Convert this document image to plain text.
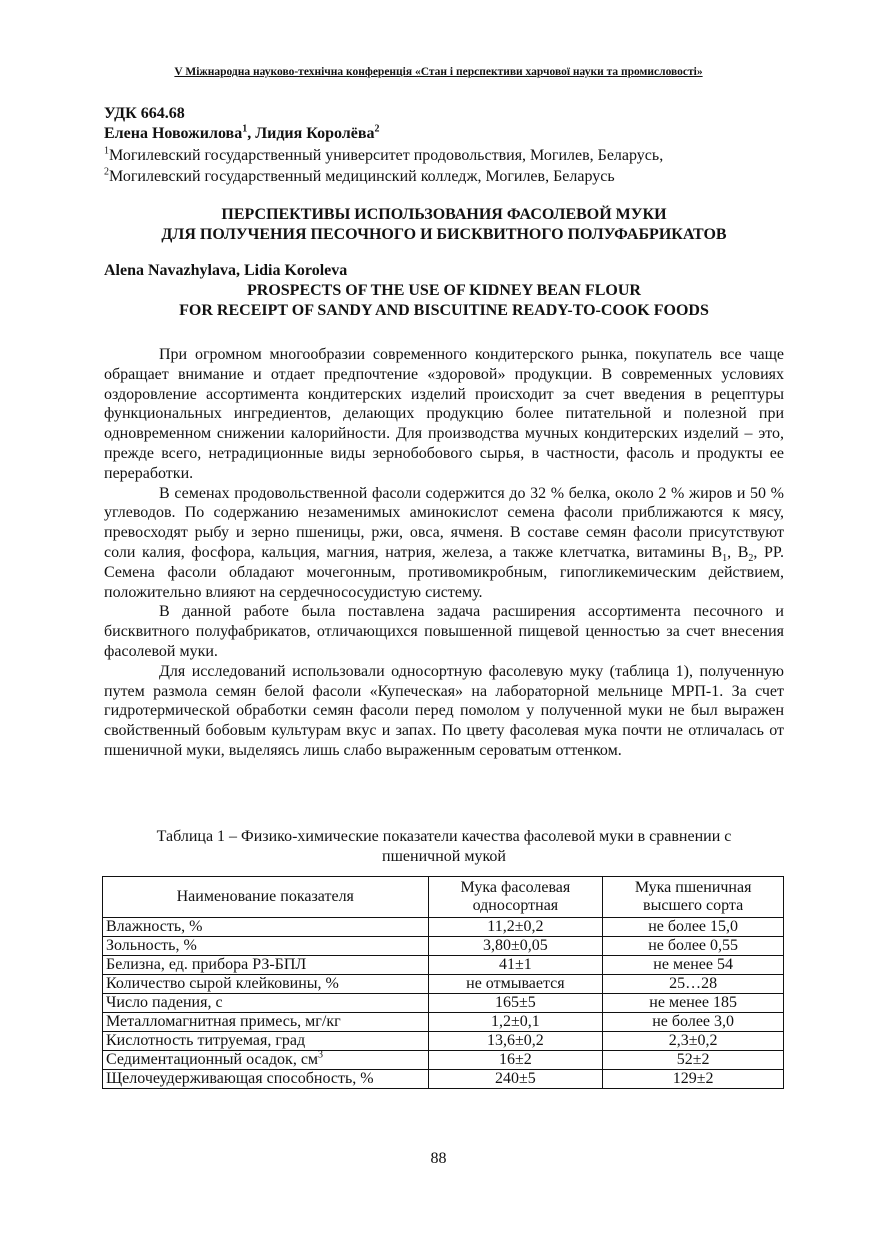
V Міжнародна науково-технічна конференція «Стан і перспективи харчової науки та промисловості»
УДК 664.68
Елена Новожилова$^1$, Лидия Королёва$^2$
$^1$Могилевский государственный университет продовольствия, Могилев, Беларусь,
$^2$Могилевский государственный медицинский колледж, Могилев, Беларусь
ПЕРСПЕКТИВЫ ИСПОЛЬЗОВАНИЯ ФАСОЛЕВОЙ МУКИ
ДЛЯ ПОЛУЧЕНИЯ ПЕСОЧНОГО И БИСКВИТНОГО ПОЛУФАБРИКАТОВ
Alena Navazhylava, Lidia Koroleva
PROSPECTS OF THE USE OF KIDNEY BEAN FLOUR
FOR RECEIPT OF SANDY AND BISCUITINE READY-TO-COOK FOODS

При огромном многообразии современного кондитерского рынка, покупатель все чаще обращает внимание и отдает предпочтение «здоровой» продукции. В современных условиях оздоровление ассортимента кондитерских изделий происходит за счет введения в рецептуры функциональных ингредиентов, делающих продукцию более питательной и полезной при одновременном снижении калорийности. Для производства мучных кондитерских изделий – это, прежде всего, нетрадиционные виды зернобобового сырья, в частности, фасоль и продукты ее переработки.

В семенах продовольственной фасоли содержится до 32 % белка, около 2 % жиров и 50 % углеводов. По содержанию незаменимых аминокислот семена фасоли приближаются к мясу, превосходят рыбу и зерно пшеницы, ржи, овса, ячменя. В составе семян фасоли присутствуют соли калия, фосфора, кальция, магния, натрия, железа, а также клетчатка, витамины $B_1$, $B_2$, PP. Семена фасоли обладают мочегонным, противомикробным, гипогликемическим действием, положительно влияют на сердечнососудистую систему.

В данной работе была поставлена задача расширения ассортимента песочного и бисквитного полуфабрикатов, отличающихся повышенной пищевой ценностью за счет внесения фасолевой муки.

Для исследований использовали односортную фасолевую муку (таблица 1), полученную путем размола семян белой фасоли «Купеческая» на лабораторной мельнице МРП-1. За счет гидротермической обработки семян фасоли перед помолом у полученной муки не был выражен свойственный бобовым культурам вкус и запах. По цвету фасолевая мука почти не отличалась от пшеничной муки, выделяясь лишь слабо выраженным сероватым оттенком.

Таблица 1 – Физико-химические показатели качества фасолевой муки в сравнении с
пшеничной мукой
Наименование показателя	Мука фасолевая односортная	Мука пшеничная высшего сорта
Влажность, %	11,2±0,2	не более 15,0
Зольность, %	3,80±0,05	не более 0,55
Белизна, ед. прибора РЗ-БПЛ	41±1	не менее 54
Количество сырой клейковины, %	не отмывается	25…28
Число падения, с	165±5	не менее 185
Металломагнитная примесь, мг/кг	1,2±0,1	не более 3,0
Кислотность титруемая, град	13,6±0,2	2,3±0,2
Седиментационный осадок, $см^3$	16±2	52±2
Щелочеудерживающая способность, %	240±5	129±2
88
